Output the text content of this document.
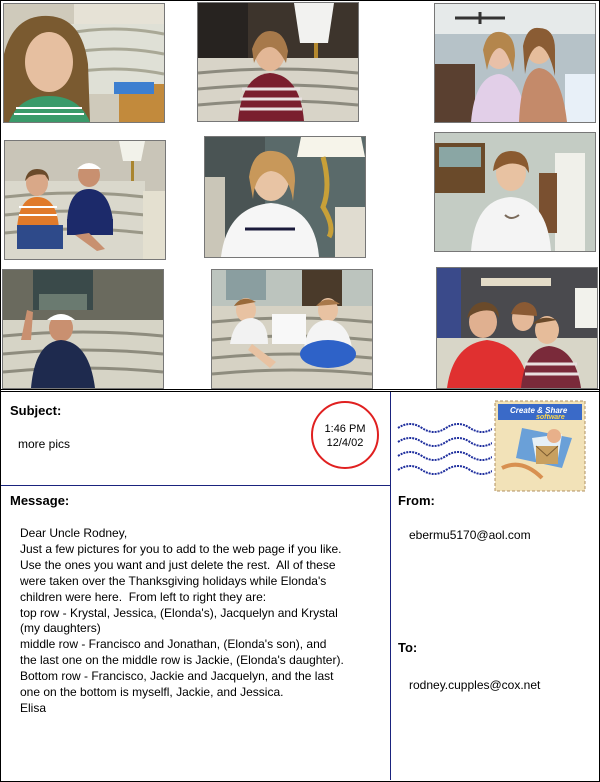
Subject:
more pics
1:46 PM
12/4/02
Message:
Dear Uncle Rodney,
Just a few pictures for you to add to the web page if you like.
Use the ones you want and just delete the rest.  All of these
were taken over the Thanksgiving holidays while Elonda's
children were here.  From left to right they are:
top row - Krystal, Jessica, (Elonda's), Jacquelyn and Krystal
(my daughters)
middle row - Francisco and Jonathan, (Elonda's son), and
the last one on the middle row is Jackie, (Elonda's daughter).
Bottom row - Francisco, Jackie and Jacquelyn, and the last
one on the bottom is myselfl, Jackie, and Jessica.
Elisa
Create & Share
software
From:
ebermu5170@aol.com
To:
rodney.cupples@cox.net
